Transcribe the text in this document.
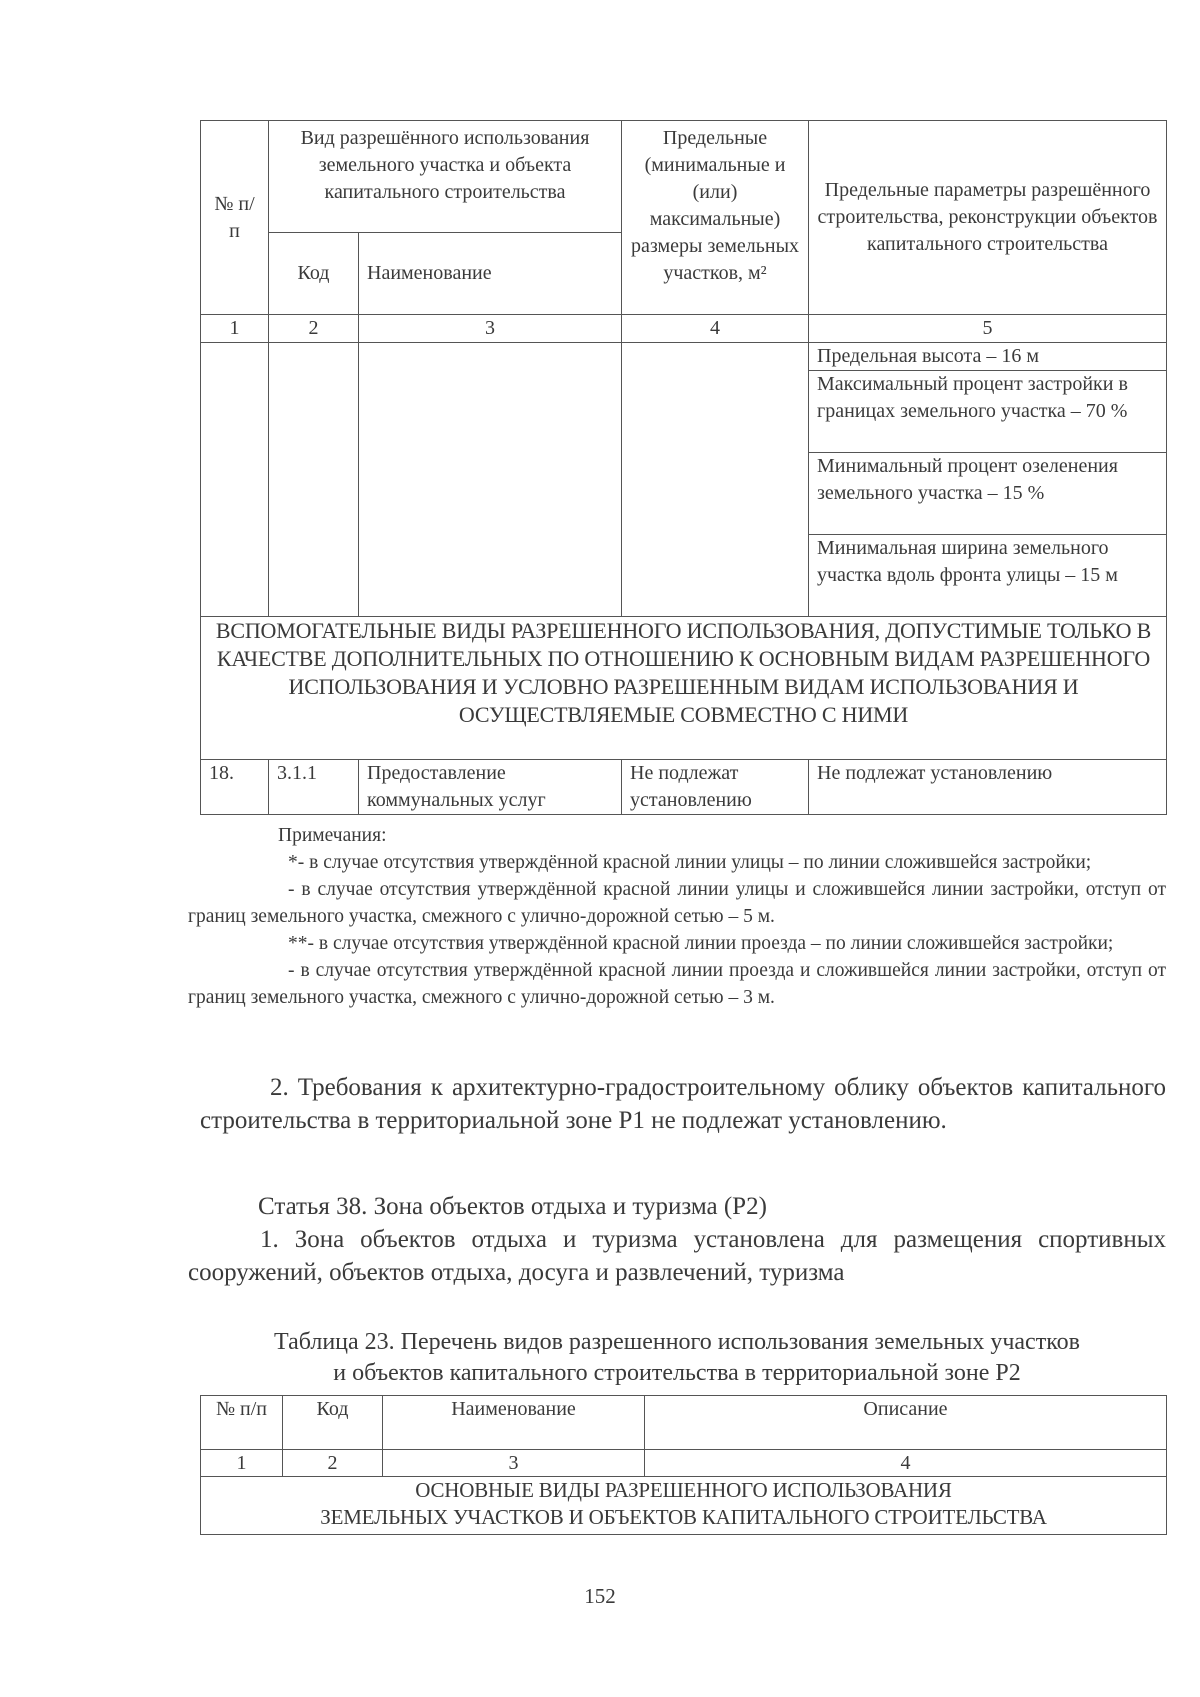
№ п/п	Вид разрешённого использования земельного участка и объекта капитального строительства		Предельные (минимальные и (или) максимальные) размеры земельных участков, м²	Предельные параметры разрешённого строительства, реконструкции объектов капитального строительства
	Код	Наименование		
1	2	3	4	5
				Предельная высота – 16 м
				Максимальный процент застройки в границах земельного участка – 70 %
				Минимальный процент озеленения земельного участка – 15 %
				Минимальная ширина земельного участка вдоль фронта улицы – 15 м
ВСПОМОГАТЕЛЬНЫЕ ВИДЫ РАЗРЕШЕННОГО ИСПОЛЬЗОВАНИЯ, ДОПУСТИМЫЕ ТОЛЬКО В КАЧЕСТВЕ ДОПОЛНИТЕЛЬНЫХ ПО ОТНОШЕНИЮ К ОСНОВНЫМ ВИДАМ РАЗРЕШЕННОГО ИСПОЛЬЗОВАНИЯ И УСЛОВНО РАЗРЕШЕННЫМ ВИДАМ ИСПОЛЬЗОВАНИЯ И ОСУЩЕСТВЛЯЕМЫЕ СОВМЕСТНО С НИМИ				
18.	3.1.1	Предоставление коммунальных услуг	Не подлежат установлению	Не подлежат установлению

Примечания:

*- в случае отсутствия утверждённой красной линии улицы – по линии сложившейся застройки;

- в случае отсутствия утверждённой красной линии улицы и сложившейся линии застройки, отступ от границ земельного участка, смежного с улично-дорожной сетью – 5 м.

**- в случае отсутствия утверждённой красной линии проезда – по линии сложившейся застройки;

- в случае отсутствия утверждённой красной линии проезда и сложившейся линии застройки, отступ от границ земельного участка, смежного с улично-дорожной сетью – 3 м.

2. Требования к архитектурно-градостроительному облику объектов капитального строительства в территориальной зоне Р1 не подлежат установлению.

Статья 38. Зона объектов отдыха и туризма (Р2)

1. Зона объектов отдыха и туризма установлена для размещения спортивных сооружений, объектов отдыха, досуга и развлечений, туризма

Таблица 23. Перечень видов разрешенного использования земельных участков
и объектов капитального строительства в территориальной зоне Р2
№ п/п	Код	Наименование	Описание
1	2	3	4

ОСНОВНЫЕ ВИДЫ РАЗРЕШЕННОГО ИСПОЛЬЗОВАНИЯ
ЗЕМЕЛЬНЫХ УЧАСТКОВ И ОБЪЕКТОВ КАПИТАЛЬНОГО СТРОИТЕЛЬСТВА			
152
